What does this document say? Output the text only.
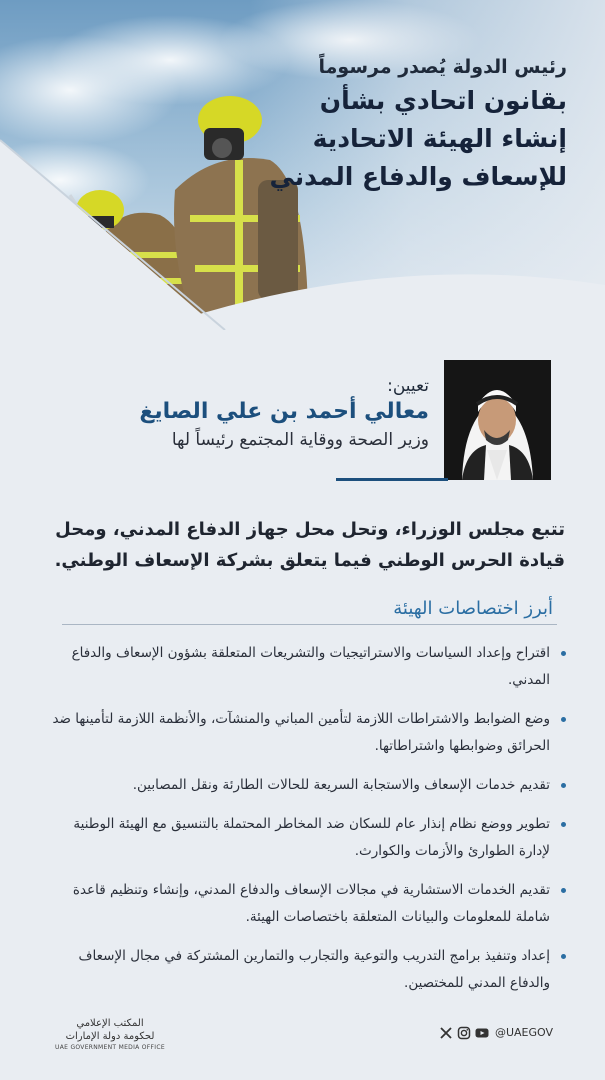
رئيس الدولة يُصدر مرسوماً
بقانون اتحادي بشأن
إنشاء الهيئة الاتحادية
للإسعاف والدفاع المدني
تعيين:
معالي أحمد بن علي الصايغ
وزير الصحة ووقاية المجتمع رئيساً لها
تتبع مجلس الوزراء، وتحل محل جهاز الدفاع المدني، ومحل قيادة الحرس الوطني فيما يتعلق بشركة الإسعاف الوطني.
أبرز اختصاصات الهيئة
اقتراح وإعداد السياسات والاستراتيجيات والتشريعات المتعلقة بشؤون الإسعاف والدفاع المدني.
وضع الضوابط والاشتراطات اللازمة لتأمين المباني والمنشآت، والأنظمة اللازمة لتأمينها ضد الحرائق وضوابطها واشتراطاتها.
تقديم خدمات الإسعاف والاستجابة السريعة للحالات الطارئة ونقل المصابين.
تطوير ووضع نظام إنذار عام للسكان ضد المخاطر المحتملة بالتنسيق مع الهيئة الوطنية لإدارة الطوارئ والأزمات والكوارث.
تقديم الخدمات الاستشارية في مجالات الإسعاف والدفاع المدني، وإنشاء وتنظيم قاعدة شاملة للمعلومات والبيانات المتعلقة باختصاصات الهيئة.
إعداد وتنفيذ برامج التدريب والتوعية والتجارب والتمارين المشتركة في مجال الإسعاف والدفاع المدني للمختصين.
المكتب الإعلامي
لحكومة دولة الإمارات
UAE GOVERNMENT MEDIA OFFICE
@UAEGOV
